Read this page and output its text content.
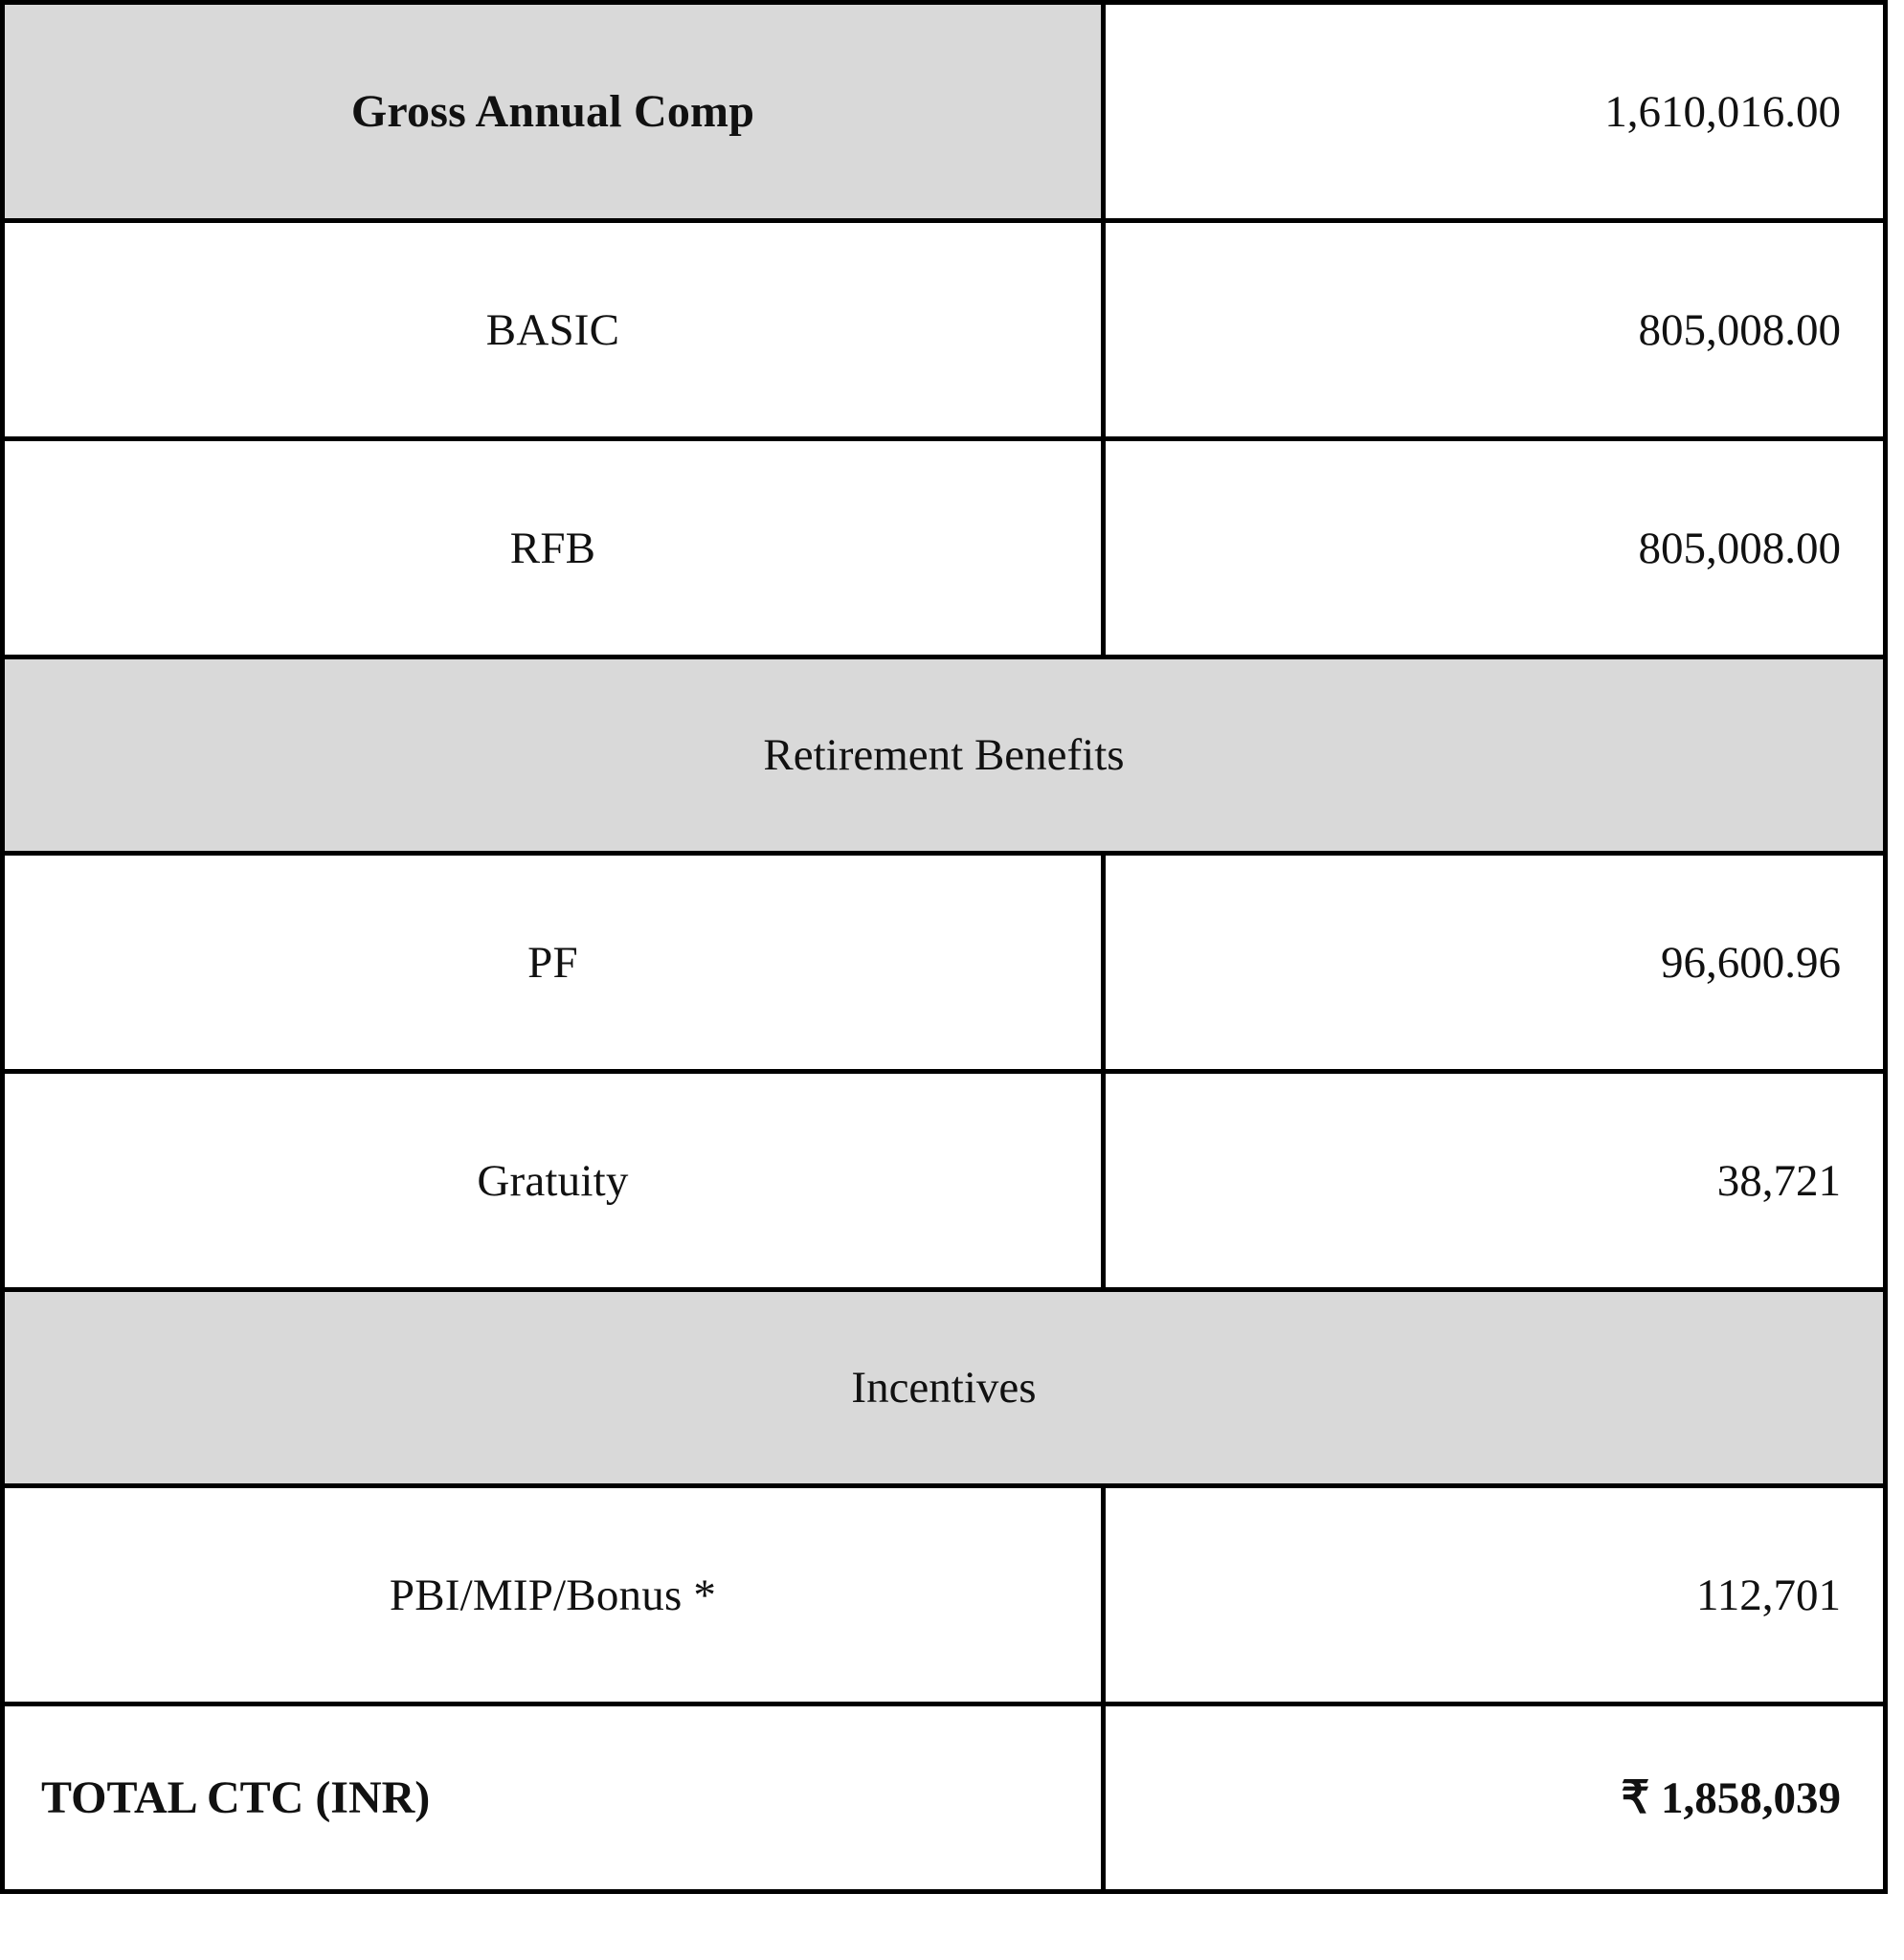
Gross Annual Comp	1,610,016.00

BASIC	805,008.00

RFB	805,008.00

Retirement Benefits	

PF	96,600.96

Gratuity	38,721

Incentives	

PBI/MIP/Bonus *	112,701

TOTAL CTC (INR)	₹ 1,858,039
